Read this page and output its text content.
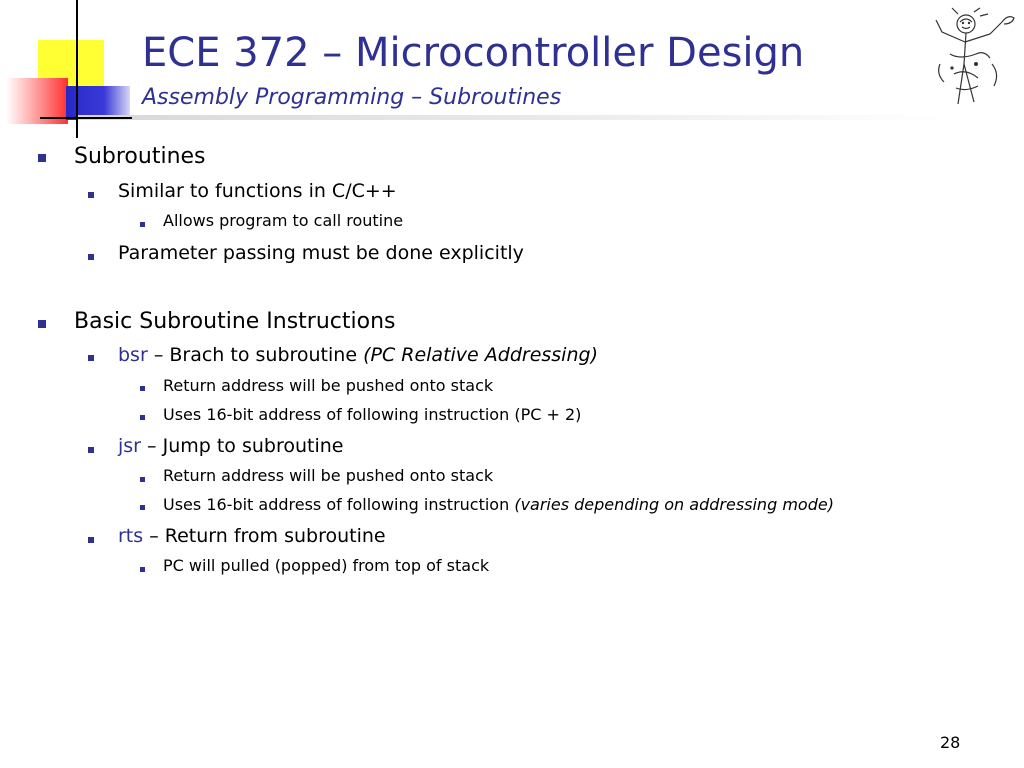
ECE 372 – Microcontroller Design
Assembly Programming – Subroutines
Subroutines
Similar to functions in C/C++
Allows program to call routine
Parameter passing must be done explicitly
Basic Subroutine Instructions
bsr – Brach to subroutine (PC Relative Addressing)
Return address will be pushed onto stack
Uses 16-bit address of following instruction (PC + 2)
jsr – Jump to subroutine
Return address will be pushed onto stack
Uses 16-bit address of following instruction (varies depending on addressing mode)
rts – Return from subroutine
PC will pulled (popped) from top of stack
28
